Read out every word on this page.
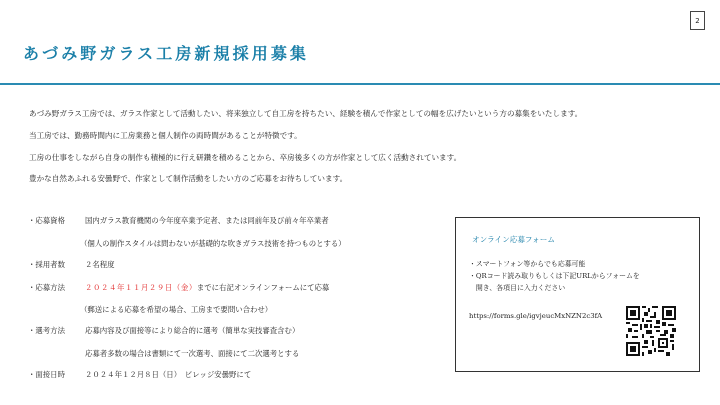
2
あづみ野ガラス工房新規採用募集

あづみ野ガラス工房では、ガラス作家として活動したい、将来独立して自工房を持ちたい、経験を積んで作家としての幅を広げたいという方の募集をいたします。

当工房では、勤務時間内に工房業務と個人制作の両時間があることが特徴です。

工房の仕事をしながら自身の制作も積極的に行え研鑽を積めることから、卒房後多くの方が作家として広く活動されています。

豊かな自然あふれる安曇野で、作家として制作活動をしたい方のご応募をお待ちしています。

・応募資格	国内ガラス教育機関の今年度卒業予定者、または同前年及び前々年卒業者
（個人の制作スタイルは問わないが基礎的な吹きガラス技術を持つものとする）
・採用者数	２名程度
・応募方法	２０２４年１１月２９日（金）までに右記オンラインフォームにて応募
（郵送による応募を希望の場合、工房まで要問い合わせ）
・選考方法	応募内容及び面接等により総合的に選考（簡単な実技審査含む）
応募者多数の場合は書類にて一次選考、面接にて二次選考とする
・面接日時	２０２４年１２月８日（日）　ビレッジ安曇野にて
オンライン応募フォーム
・スマートフォン等からでも応募可能
・QRコード読み取りもしくは下記URLからフォームを
　開き、各項目に入力ください
https://forms.gle/igvjeucMxNZN2c3fA
